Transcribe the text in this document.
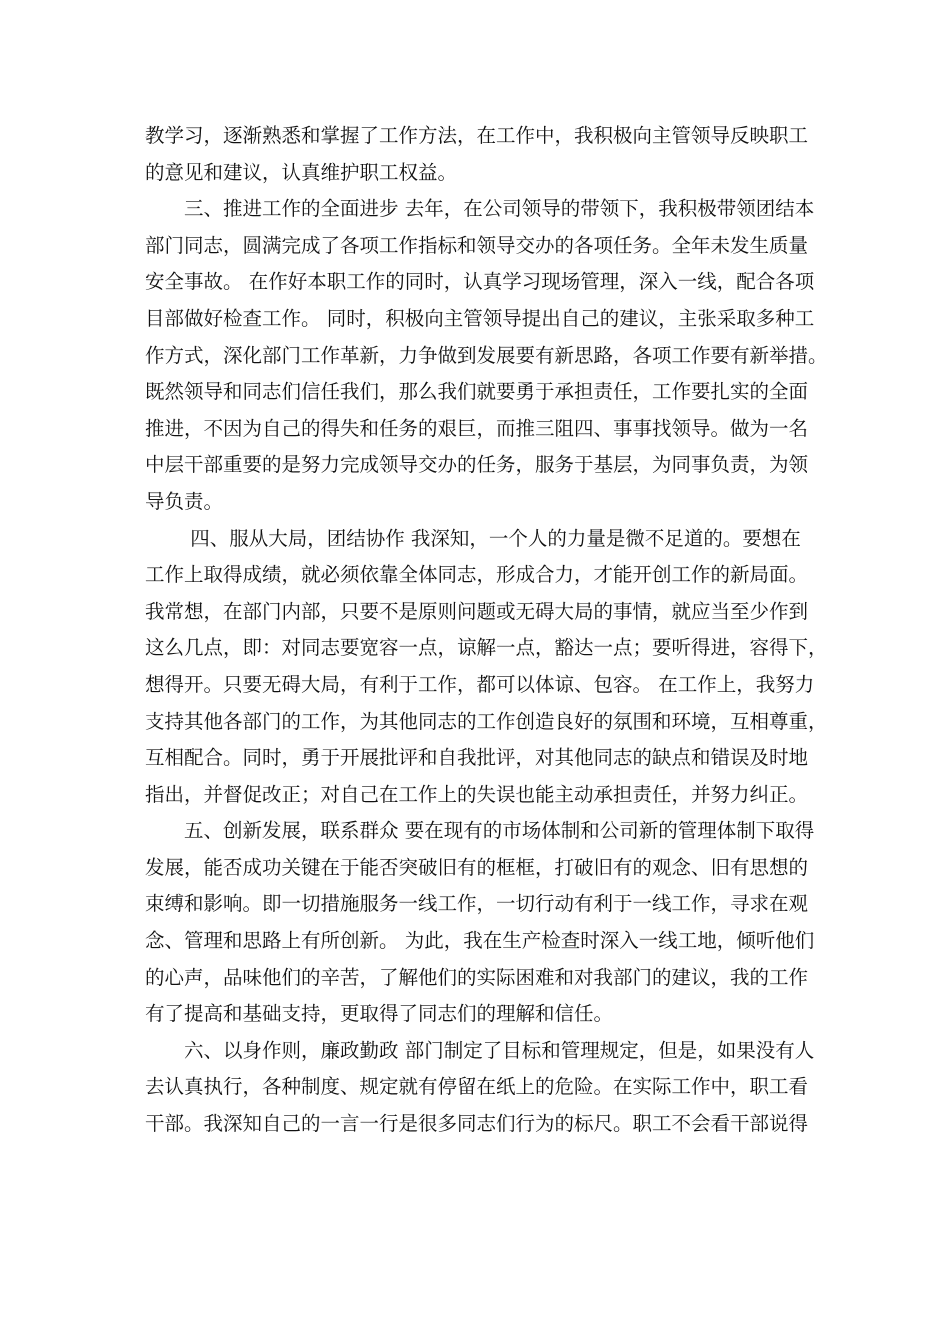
教学习，逐渐熟悉和掌握了工作方法，在工作中，我积极向主管领导反映职工
的意见和建议，认真维护职工权益。
　　三、推进工作的全面进步 去年，在公司领导的带领下，我积极带领团结本
部门同志，圆满完成了各项工作指标和领导交办的各项任务。全年未发生质量
安全事故。 在作好本职工作的同时，认真学习现场管理，深入一线，配合各项
目部做好检查工作。 同时，积极向主管领导提出自己的建议，主张采取多种工
作方式，深化部门工作革新，力争做到发展要有新思路，各项工作要有新举措。
既然领导和同志们信任我们，那么我们就要勇于承担责任，工作要扎实的全面
推进，不因为自己的得失和任务的艰巨，而推三阻四、事事找领导。做为一名
中层干部重要的是努力完成领导交办的任务，服务于基层，为同事负责，为领
导负责。
　　 四、服从大局，团结协作 我深知，一个人的力量是微不足道的。要想在
工作上取得成绩，就必须依靠全体同志，形成合力，才能开创工作的新局面。
我常想，在部门内部，只要不是原则问题或无碍大局的事情，就应当至少作到
这么几点，即：对同志要宽容一点，谅解一点，豁达一点；要听得进，容得下，
想得开。只要无碍大局，有利于工作，都可以体谅、包容。 在工作上，我努力
支持其他各部门的工作，为其他同志的工作创造良好的氛围和环境，互相尊重，
互相配合。同时，勇于开展批评和自我批评，对其他同志的缺点和错误及时地
指出，并督促改正；对自己在工作上的失误也能主动承担责任，并努力纠正。
　　五、创新发展，联系群众 要在现有的市场体制和公司新的管理体制下取得
发展，能否成功关键在于能否突破旧有的框框，打破旧有的观念、旧有思想的
束缚和影响。即一切措施服务一线工作，一切行动有利于一线工作，寻求在观
念、管理和思路上有所创新。 为此，我在生产检查时深入一线工地，倾听他们
的心声，品味他们的辛苦，了解他们的实际困难和对我部门的建议，我的工作
有了提高和基础支持，更取得了同志们的理解和信任。
　　六、以身作则，廉政勤政 部门制定了目标和管理规定，但是，如果没有人
去认真执行，各种制度、规定就有停留在纸上的危险。在实际工作中，职工看
干部。我深知自己的一言一行是很多同志们行为的标尺。职工不会看干部说得
